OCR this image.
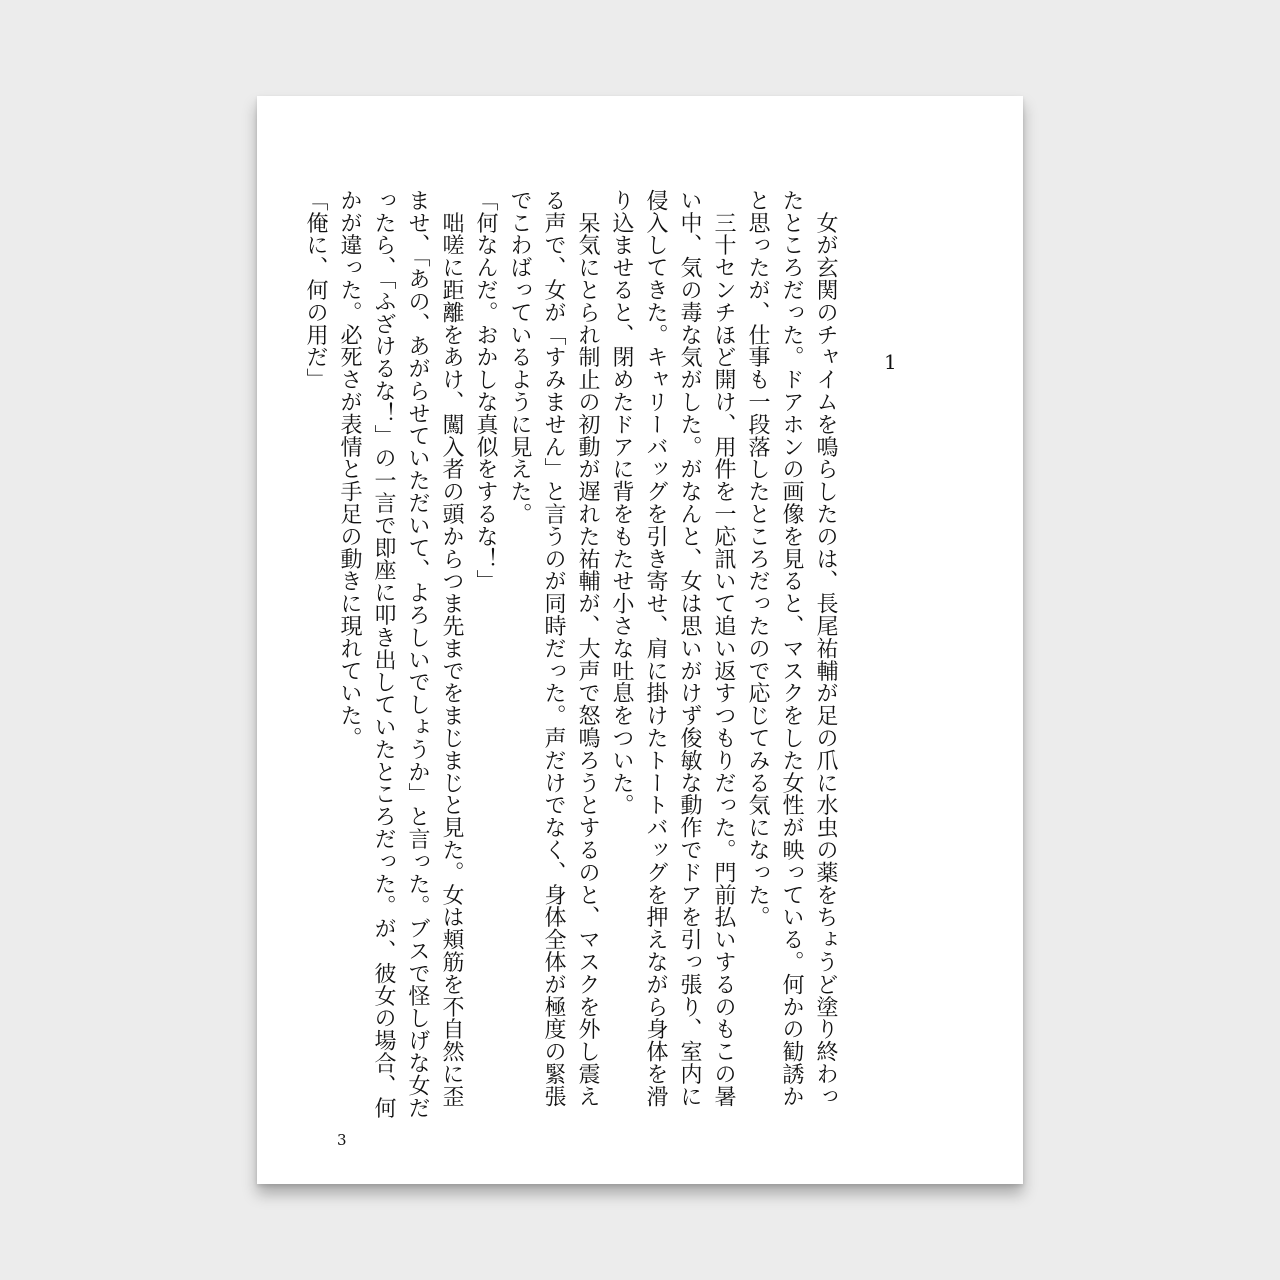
1

　女が玄関のチャイムを鳴らしたのは、長尾祐輔が足の爪に水虫の薬をちょうど塗り終わったところだった。ドアホンの画像を見ると、マスクをした女性が映っている。何かの勧誘かと思ったが、仕事も一段落したところだったので応じてみる気になった。

　三十センチほど開け、用件を一応訊いて追い返すつもりだった。門前払いするのもこの暑い中、気の毒な気がした。がなんと、女は思いがけず俊敏な動作でドアを引っ張り、室内に侵入してきた。キャリーバッグを引き寄せ、肩に掛けたトートバッグを押えながら身体を滑り込ませると、閉めたドアに背をもたせ小さな吐息をついた。

　呆気にとられ制止の初動が遅れた祐輔が、大声で怒鳴ろうとするのと、マスクを外し震える声で、女が「すみません」と言うのが同時だった。声だけでなく、身体全体が極度の緊張でこわばっているように見えた。

「何なんだ。おかしな真似をするな！」

　咄嗟に距離をあけ、闖入者の頭からつま先までをまじまじと見た。女は頬筋を不自然に歪ませ、「あの、あがらせていただいて、よろしいでしょうか」と言った。ブスで怪しげな女だったら、「ふざけるな！」の一言で即座に叩き出していたところだった。が、彼女の場合、何かが違った。必死さが表情と手足の動きに現れていた。

「俺に、何の用だ」

3
